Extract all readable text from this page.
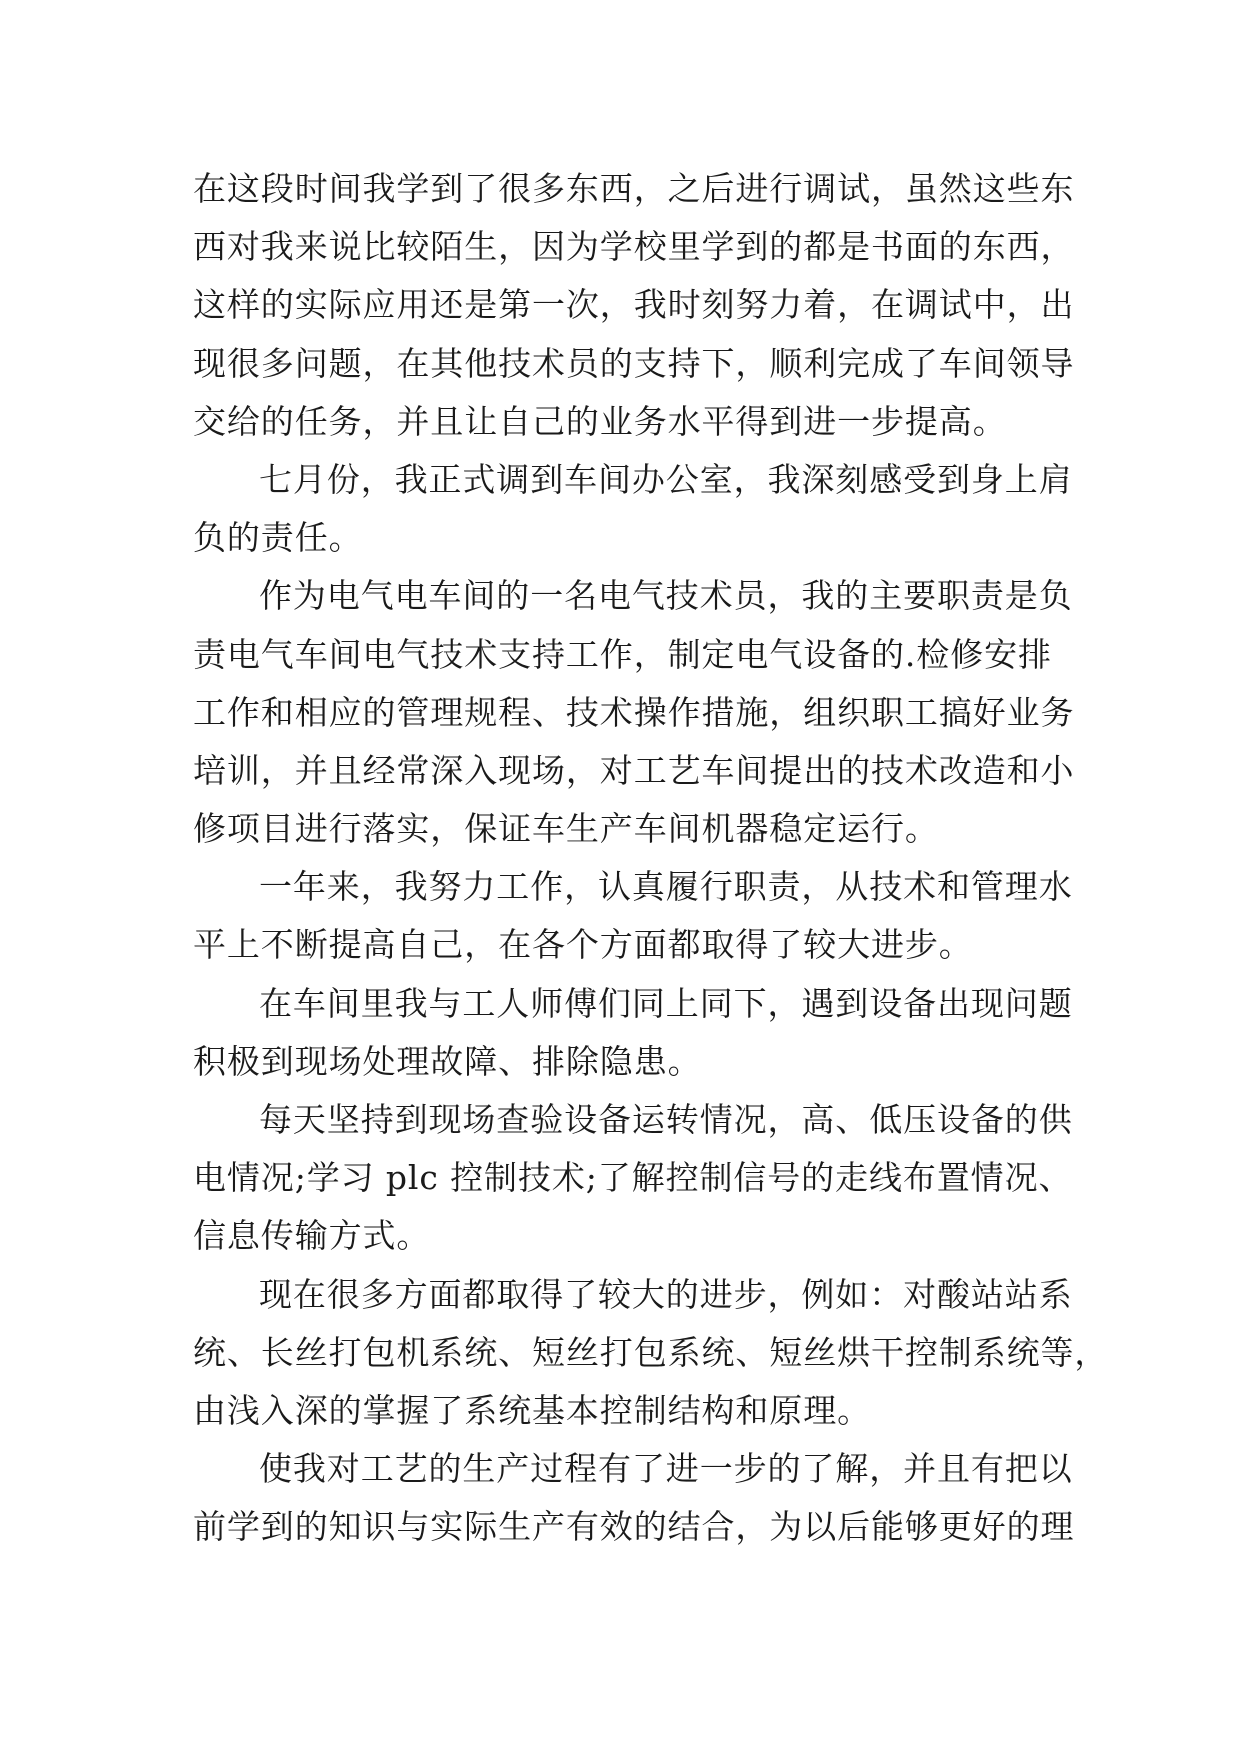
在这段时间我学到了很多东西，之后进行调试，虽然这些东
西对我来说比较陌生，因为学校里学到的都是书面的东西，
这样的实际应用还是第一次，我时刻努力着，在调试中，出
现很多问题，在其他技术员的支持下，顺利完成了车间领导
交给的任务，并且让自己的业务水平得到进一步提高。
七月份，我正式调到车间办公室，我深刻感受到身上肩
负的责任。
作为电气电车间的一名电气技术员，我的主要职责是负
责电气车间电气技术支持工作，制定电气设备的.检修安排
工作和相应的管理规程、技术操作措施，组织职工搞好业务
培训，并且经常深入现场，对工艺车间提出的技术改造和小
修项目进行落实，保证车生产车间机器稳定运行。
一年来，我努力工作，认真履行职责，从技术和管理水
平上不断提高自己，在各个方面都取得了较大进步。
在车间里我与工人师傅们同上同下，遇到设备出现问题
积极到现场处理故障、排除隐患。
每天坚持到现场查验设备运转情况，高、低压设备的供
电情况;学习 plc 控制技术;了解控制信号的走线布置情况、
信息传输方式。
现在很多方面都取得了较大的进步，例如：对酸站站系
统、长丝打包机系统、短丝打包系统、短丝烘干控制系统等，
由浅入深的掌握了系统基本控制结构和原理。
使我对工艺的生产过程有了进一步的了解，并且有把以
前学到的知识与实际生产有效的结合，为以后能够更好的理
